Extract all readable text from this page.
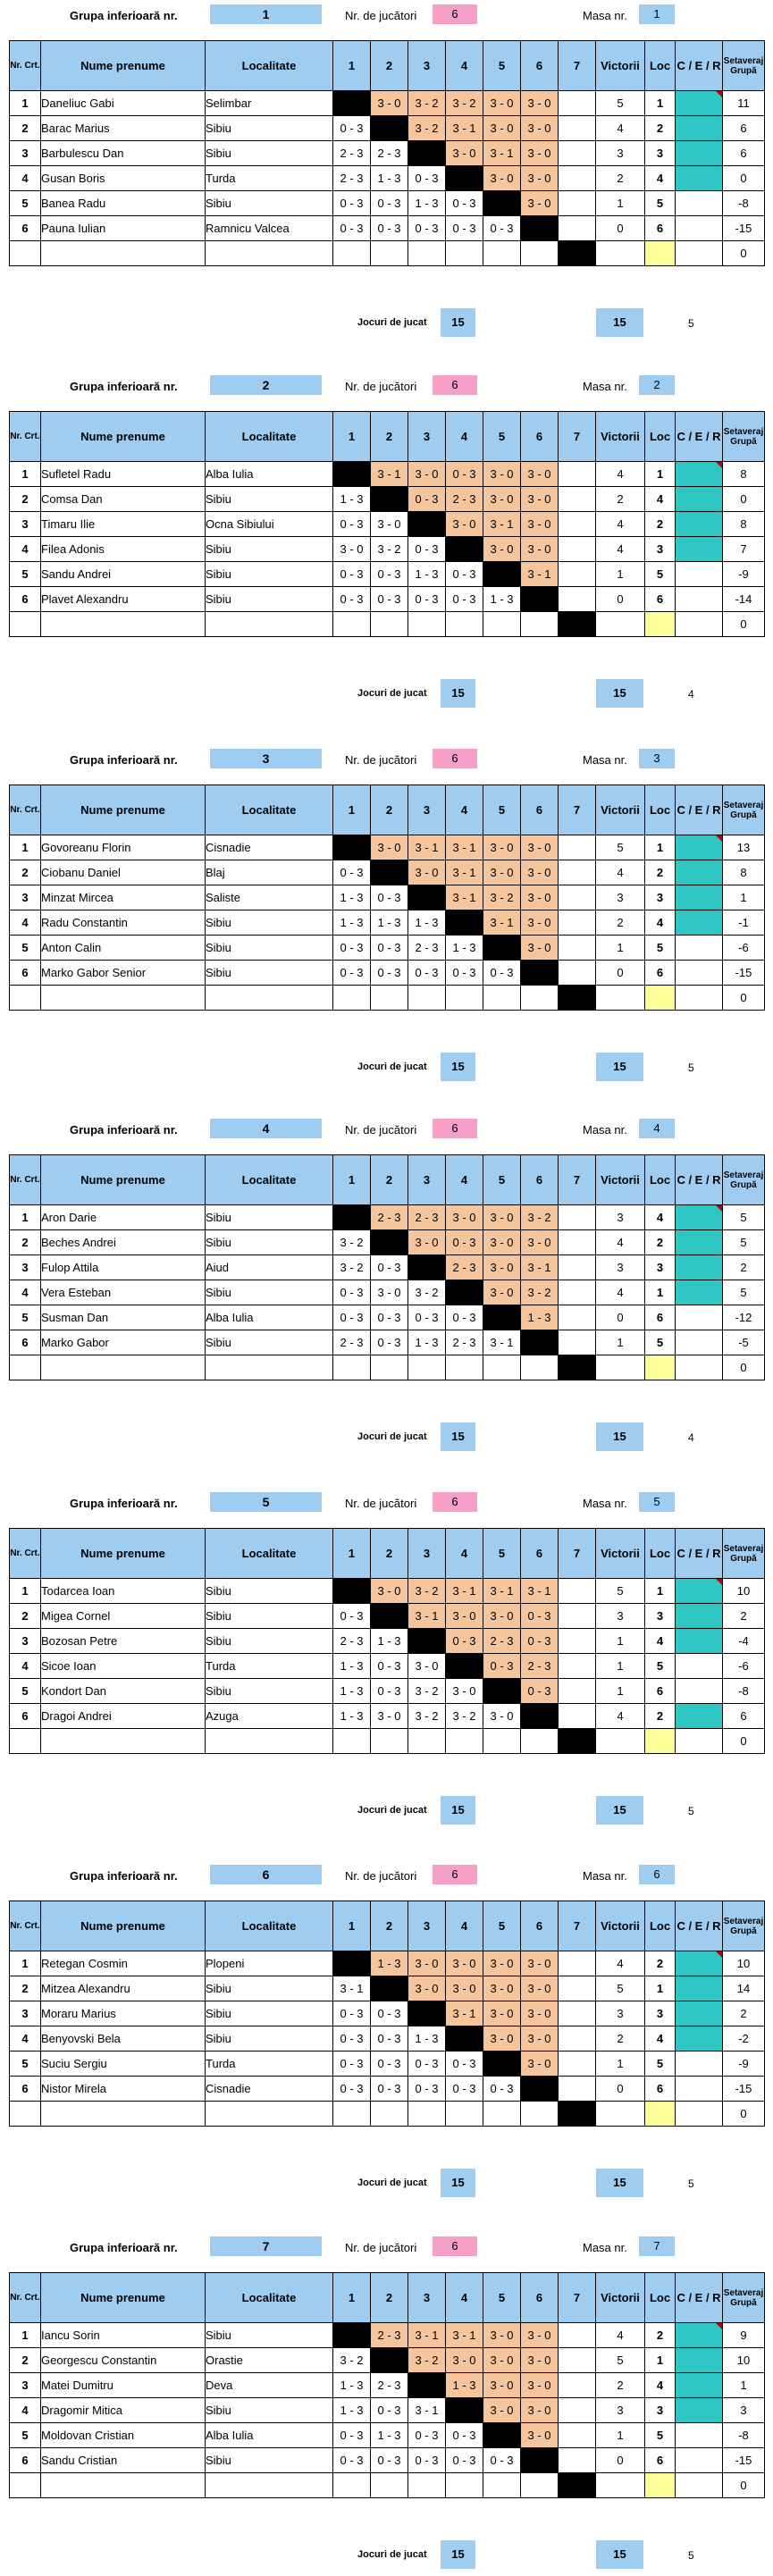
Grupa inferioară nr.	1	Nr. de jucători	6	Masa nr.	1
Nr. Crt.	Nume prenume	Localitate	1	2	3	4	5	6	7	Victorii	Loc	C / E / R	Setaveraj Grupă
1	Daneliuc Gabi	Selimbar		3 - 0	3 - 2	3 - 2	3 - 0	3 - 0		5	1		11
2	Barac Marius	Sibiu	0 - 3		3 - 2	3 - 1	3 - 0	3 - 0		4	2		6
3	Barbulescu Dan	Sibiu	2 - 3	2 - 3		3 - 0	3 - 1	3 - 0		3	3		6
4	Gusan Boris	Turda	2 - 3	1 - 3	0 - 3		3 - 0	3 - 0		2	4		0
5	Banea Radu	Sibiu	0 - 3	0 - 3	1 - 3	0 - 3		3 - 0		1	5		-8
6	Pauna Iulian	Ramnicu Valcea	0 - 3	0 - 3	0 - 3	0 - 3	0 - 3			0	6		-15
													0
Jocuri de jucat	15	15	5
Grupa inferioară nr.	2	Nr. de jucători	6	Masa nr.	2
Nr. Crt.	Nume prenume	Localitate	1	2	3	4	5	6	7	Victorii	Loc	C / E / R	Setaveraj Grupă
1	Sufletel Radu	Alba Iulia		3 - 1	3 - 0	0 - 3	3 - 0	3 - 0		4	1		8
2	Comsa Dan	Sibiu	1 - 3		0 - 3	2 - 3	3 - 0	3 - 0		2	4		0
3	Timaru Ilie	Ocna Sibiului	0 - 3	3 - 0		3 - 0	3 - 1	3 - 0		4	2		8
4	Filea Adonis	Sibiu	3 - 0	3 - 2	0 - 3		3 - 0	3 - 0		4	3		7
5	Sandu Andrei	Sibiu	0 - 3	0 - 3	1 - 3	0 - 3		3 - 1		1	5		-9
6	Plavet Alexandru	Sibiu	0 - 3	0 - 3	0 - 3	0 - 3	1 - 3			0	6		-14
													0
Jocuri de jucat	15	15	4
Grupa inferioară nr.	3	Nr. de jucători	6	Masa nr.	3
Nr. Crt.	Nume prenume	Localitate	1	2	3	4	5	6	7	Victorii	Loc	C / E / R	Setaveraj Grupă
1	Govoreanu Florin	Cisnadie		3 - 0	3 - 1	3 - 1	3 - 0	3 - 0		5	1		13
2	Ciobanu Daniel	Blaj	0 - 3		3 - 0	3 - 1	3 - 0	3 - 0		4	2		8
3	Minzat Mircea	Saliste	1 - 3	0 - 3		3 - 1	3 - 2	3 - 0		3	3		1
4	Radu Constantin	Sibiu	1 - 3	1 - 3	1 - 3		3 - 1	3 - 0		2	4		-1
5	Anton Calin	Sibiu	0 - 3	0 - 3	2 - 3	1 - 3		3 - 0		1	5		-6
6	Marko Gabor Senior	Sibiu	0 - 3	0 - 3	0 - 3	0 - 3	0 - 3			0	6		-15
													0
Jocuri de jucat	15	15	5
Grupa inferioară nr.	4	Nr. de jucători	6	Masa nr.	4
Nr. Crt.	Nume prenume	Localitate	1	2	3	4	5	6	7	Victorii	Loc	C / E / R	Setaveraj Grupă
1	Aron Darie	Sibiu		2 - 3	2 - 3	3 - 0	3 - 0	3 - 2		3	4		5
2	Beches Andrei	Sibiu	3 - 2		3 - 0	0 - 3	3 - 0	3 - 0		4	2		5
3	Fulop Attila	Aiud	3 - 2	0 - 3		2 - 3	3 - 0	3 - 1		3	3		2
4	Vera Esteban	Sibiu	0 - 3	3 - 0	3 - 2		3 - 0	3 - 2		4	1		5
5	Susman Dan	Alba Iulia	0 - 3	0 - 3	0 - 3	0 - 3		1 - 3		0	6		-12
6	Marko Gabor	Sibiu	2 - 3	0 - 3	1 - 3	2 - 3	3 - 1			1	5		-5
													0
Jocuri de jucat	15	15	4
Grupa inferioară nr.	5	Nr. de jucători	6	Masa nr.	5
Nr. Crt.	Nume prenume	Localitate	1	2	3	4	5	6	7	Victorii	Loc	C / E / R	Setaveraj Grupă
1	Todarcea Ioan	Sibiu		3 - 0	3 - 2	3 - 1	3 - 1	3 - 1		5	1		10
2	Migea Cornel	Sibiu	0 - 3		3 - 1	3 - 0	3 - 0	0 - 3		3	3		2
3	Bozosan Petre	Sibiu	2 - 3	1 - 3		0 - 3	2 - 3	0 - 3		1	4		-4
4	Sicoe Ioan	Turda	1 - 3	0 - 3	3 - 0		0 - 3	2 - 3		1	5		-6
5	Kondort Dan	Sibiu	1 - 3	0 - 3	3 - 2	3 - 0		0 - 3		1	6		-8
6	Dragoi Andrei	Azuga	1 - 3	3 - 0	3 - 2	3 - 2	3 - 0			4	2		6
													0
Jocuri de jucat	15	15	5
Grupa inferioară nr.	6	Nr. de jucători	6	Masa nr.	6
Nr. Crt.	Nume prenume	Localitate	1	2	3	4	5	6	7	Victorii	Loc	C / E / R	Setaveraj Grupă
1	Retegan Cosmin	Plopeni		1 - 3	3 - 0	3 - 0	3 - 0	3 - 0		4	2		10
2	Mitzea Alexandru	Sibiu	3 - 1		3 - 0	3 - 0	3 - 0	3 - 0		5	1		14
3	Moraru Marius	Sibiu	0 - 3	0 - 3		3 - 1	3 - 0	3 - 0		3	3		2
4	Benyovski Bela	Sibiu	0 - 3	0 - 3	1 - 3		3 - 0	3 - 0		2	4		-2
5	Suciu Sergiu	Turda	0 - 3	0 - 3	0 - 3	0 - 3		3 - 0		1	5		-9
6	Nistor Mirela	Cisnadie	0 - 3	0 - 3	0 - 3	0 - 3	0 - 3			0	6		-15
													0
Jocuri de jucat	15	15	5
Grupa inferioară nr.	7	Nr. de jucători	6	Masa nr.	7
Nr. Crt.	Nume prenume	Localitate	1	2	3	4	5	6	7	Victorii	Loc	C / E / R	Setaveraj Grupă
1	Iancu Sorin	Sibiu		2 - 3	3 - 1	3 - 1	3 - 0	3 - 0		4	2		9
2	Georgescu Constantin	Orastie	3 - 2		3 - 2	3 - 0	3 - 0	3 - 0		5	1		10
3	Matei Dumitru	Deva	1 - 3	2 - 3		1 - 3	3 - 0	3 - 0		2	4		1
4	Dragomir Mitica	Sibiu	1 - 3	0 - 3	3 - 1		3 - 0	3 - 0		3	3		3
5	Moldovan Cristian	Alba Iulia	0 - 3	1 - 3	0 - 3	0 - 3		3 - 0		1	5		-8
6	Sandu Cristian	Sibiu	0 - 3	0 - 3	0 - 3	0 - 3	0 - 3			0	6		-15
													0
Jocuri de jucat	15	15	5
